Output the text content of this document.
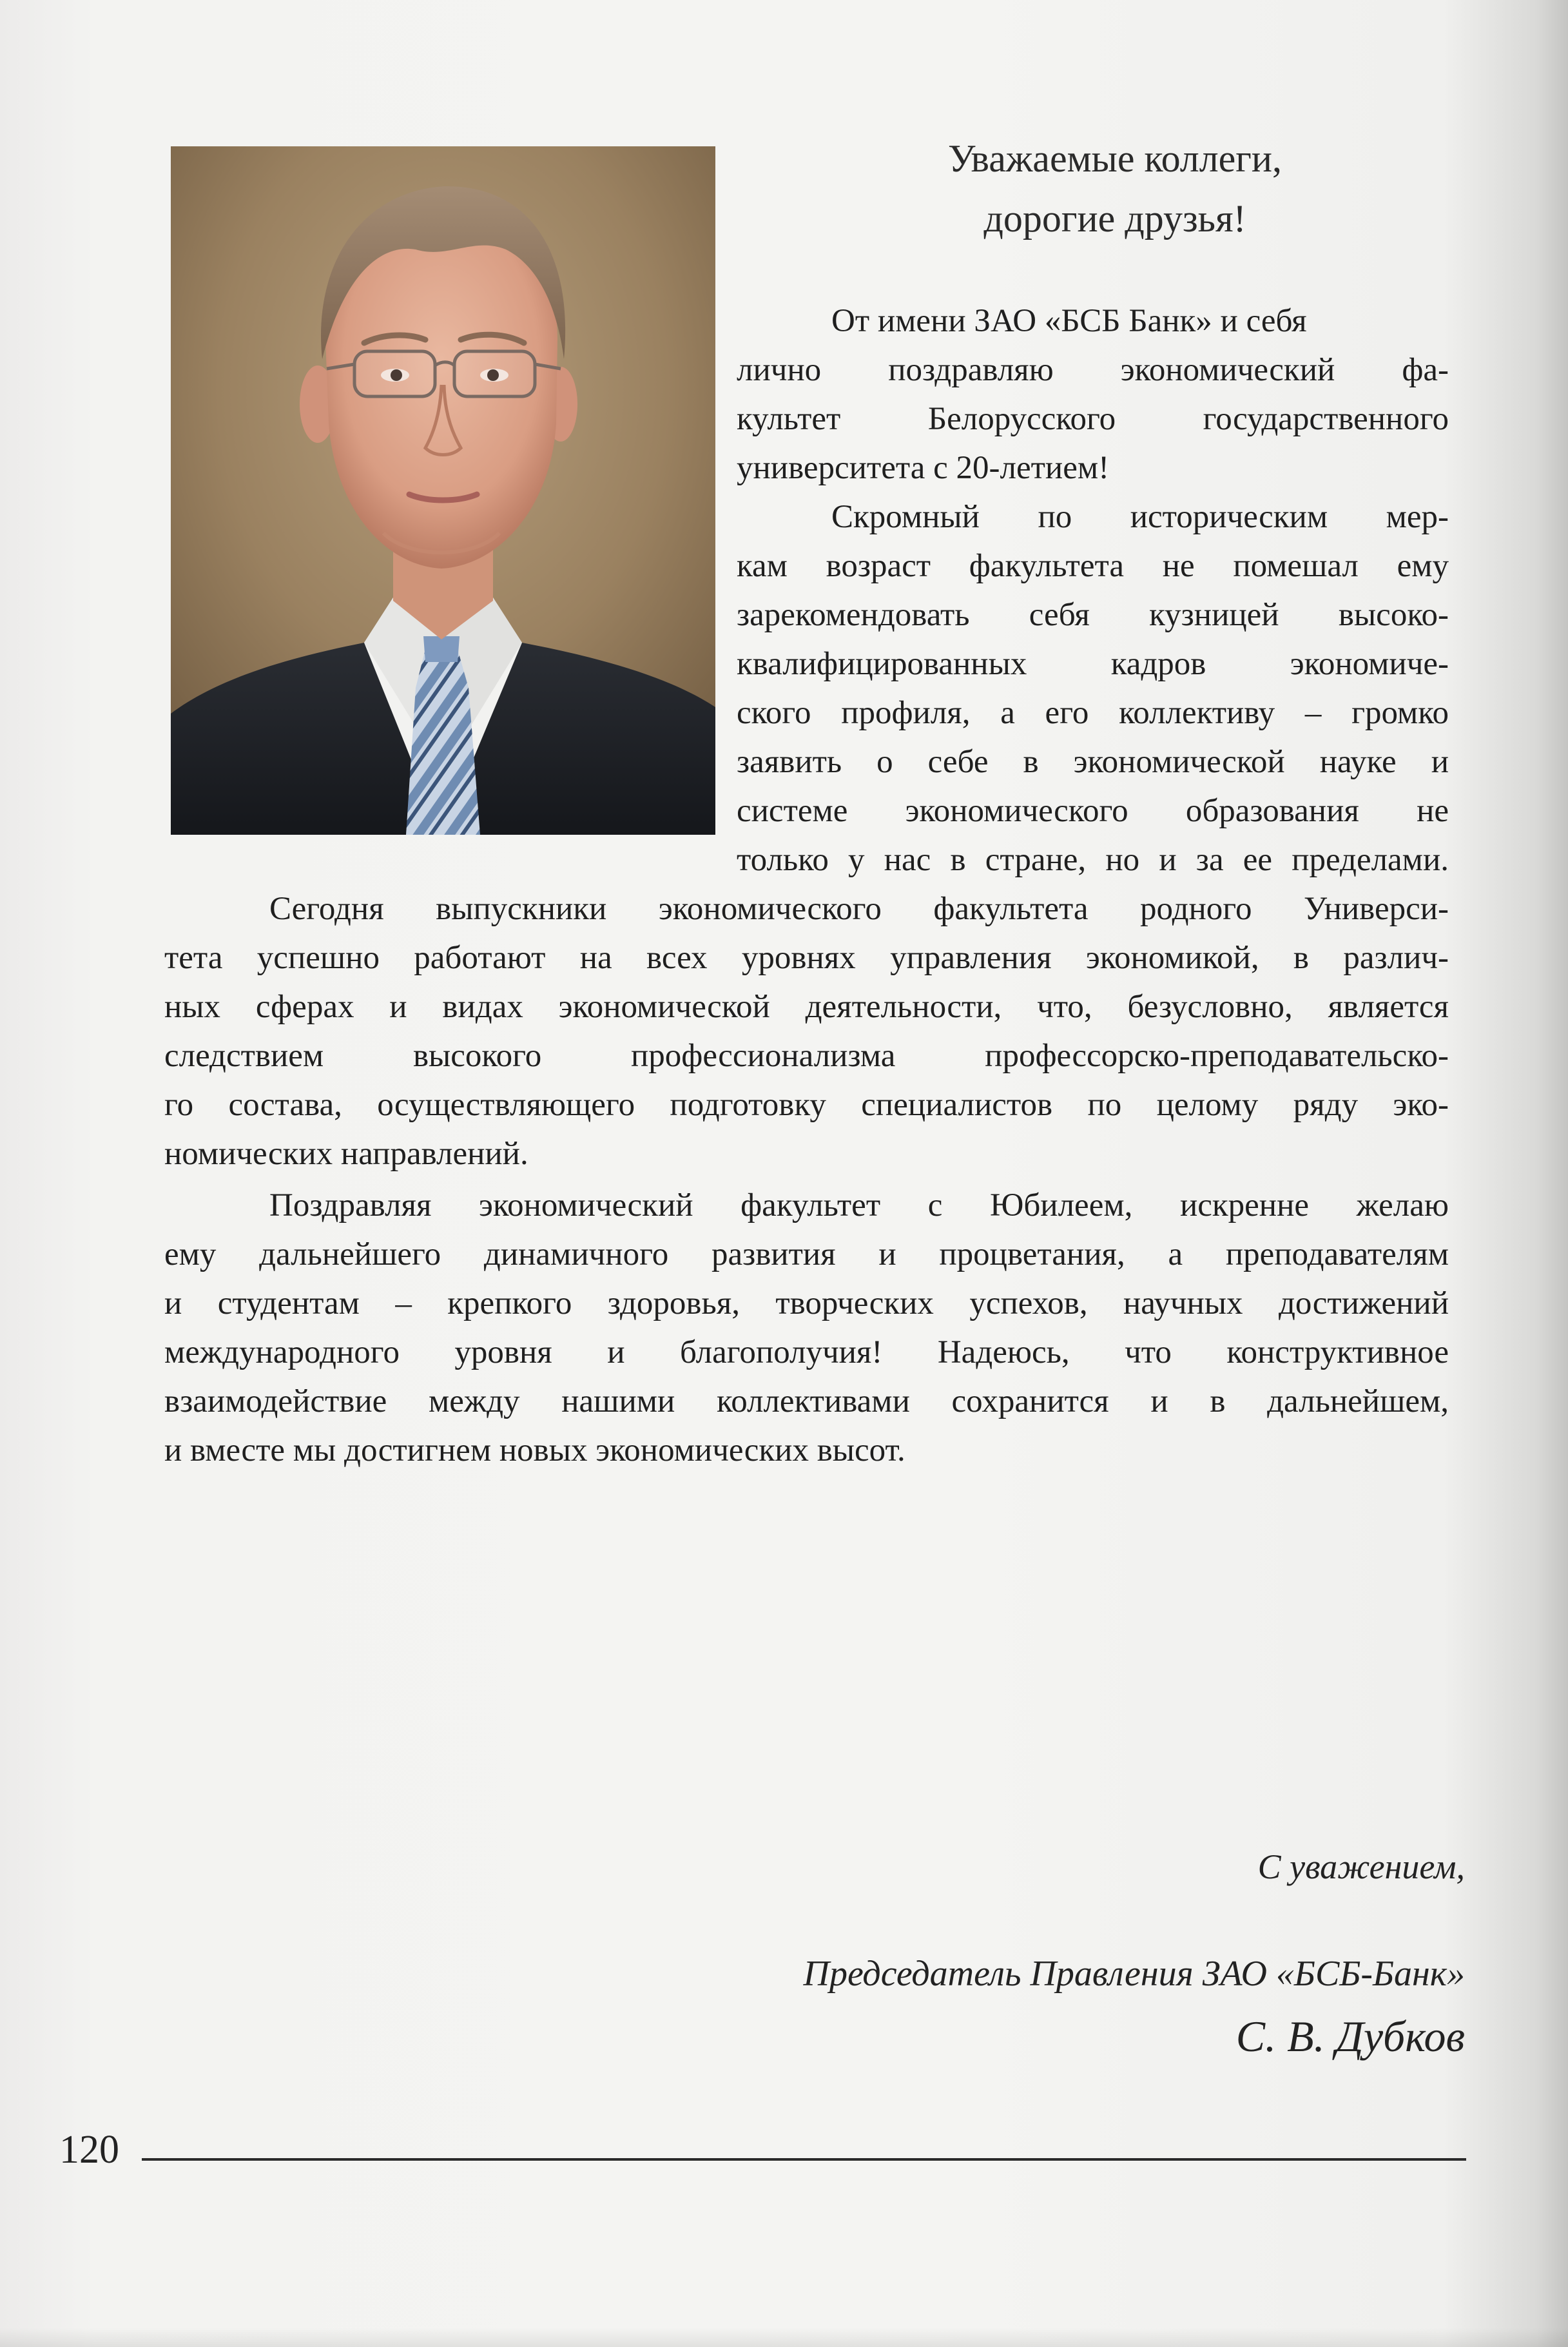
Уважаемые коллеги,
дорогие друзья!
От имени ЗАО «БСБ Банк» и себя
лично поздравляю экономический фа-
культет Белорусского государственного
университета с 20-летием!
Скромный по историческим мер-
кам возраст факультета не помешал ему
зарекомендовать себя кузницей высоко-
квалифицированных кадров экономиче-
ского профиля, а его коллективу – громко
заявить о себе в экономической науке и
системе экономического образования не
только у нас в стране, но и за ее пределами.
Сегодня выпускники экономического факультета родного Универси-
тета успешно работают на всех уровнях управления экономикой, в различ-
ных сферах и видах экономической деятельности, что, безусловно, является
следствием высокого профессионализма профессорско-преподавательско-
го состава, осуществляющего подготовку специалистов по целому ряду эко-
номических направлений.
Поздравляя экономический факультет с Юбилеем, искренне желаю
ему дальнейшего динамичного развития и процветания, а преподавателям
и студентам – крепкого здоровья, творческих успехов, научных достижений
международного уровня и благополучия! Надеюсь, что конструктивное
взаимодействие между нашими коллективами сохранится и в дальнейшем,
и вместе мы достигнем новых экономических высот.
С уважением,
Председатель Правления ЗАО «БСБ-Банк»
С. В. Дубков
120
